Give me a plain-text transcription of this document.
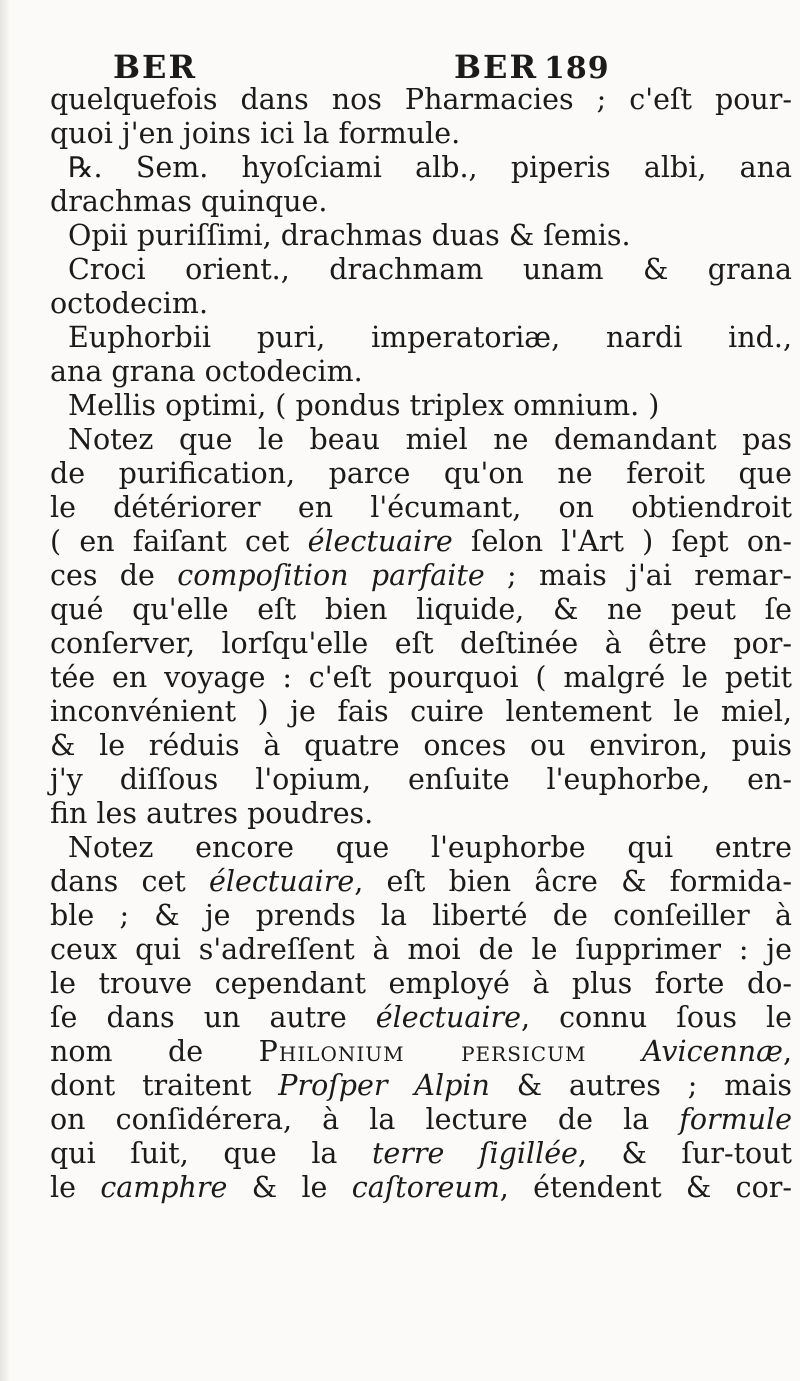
BER	BER 189
quelquefois dans nos Pharmacies ; c'eſt pour-
quoi j'en joins ici la formule.
℞. Sem. hyoſciami alb., piperis albi, ana
drachmas quinque.
Opii puriſſimi, drachmas duas & ſemis.
Croci orient., drachmam unam & grana
octodecim.
Euphorbii puri, imperatoriæ, nardi ind.,
ana grana octodecim.
Mellis optimi, ( pondus triplex omnium. )
Notez que le beau miel ne demandant pas
de purification, parce qu'on ne feroit que
le détériorer en l'écumant, on obtiendroit
( en faiſant cet électuaire ſelon l'Art ) ſept on-
ces de compoſition parfaite ; mais j'ai remar-
qué qu'elle eſt bien liquide, & ne peut ſe
conſerver, lorſqu'elle eſt deſtinée à être por-
tée en voyage : c'eſt pourquoi ( malgré le petit
inconvénient ) je fais cuire lentement le miel,
& le réduis à quatre onces ou environ, puis
j'y diſſous l'opium, enſuite l'euphorbe, en-
fin les autres poudres.
Notez encore que l'euphorbe qui entre
dans cet électuaire, eſt bien âcre & formida-
ble ; & je prends la liberté de conſeiller à
ceux qui s'adreſſent à moi de le ſupprimer : je
le trouve cependant employé à plus forte do-
ſe dans un autre électuaire, connu ſous le
nom de Philonium persicum Avicennæ,
dont traitent Proſper Alpin & autres ; mais
on conſidérera, à la lecture de la formule
qui ſuit, que la terre ſigillée, & ſur-tout
le camphre & le caſtoreum, étendent & cor-
